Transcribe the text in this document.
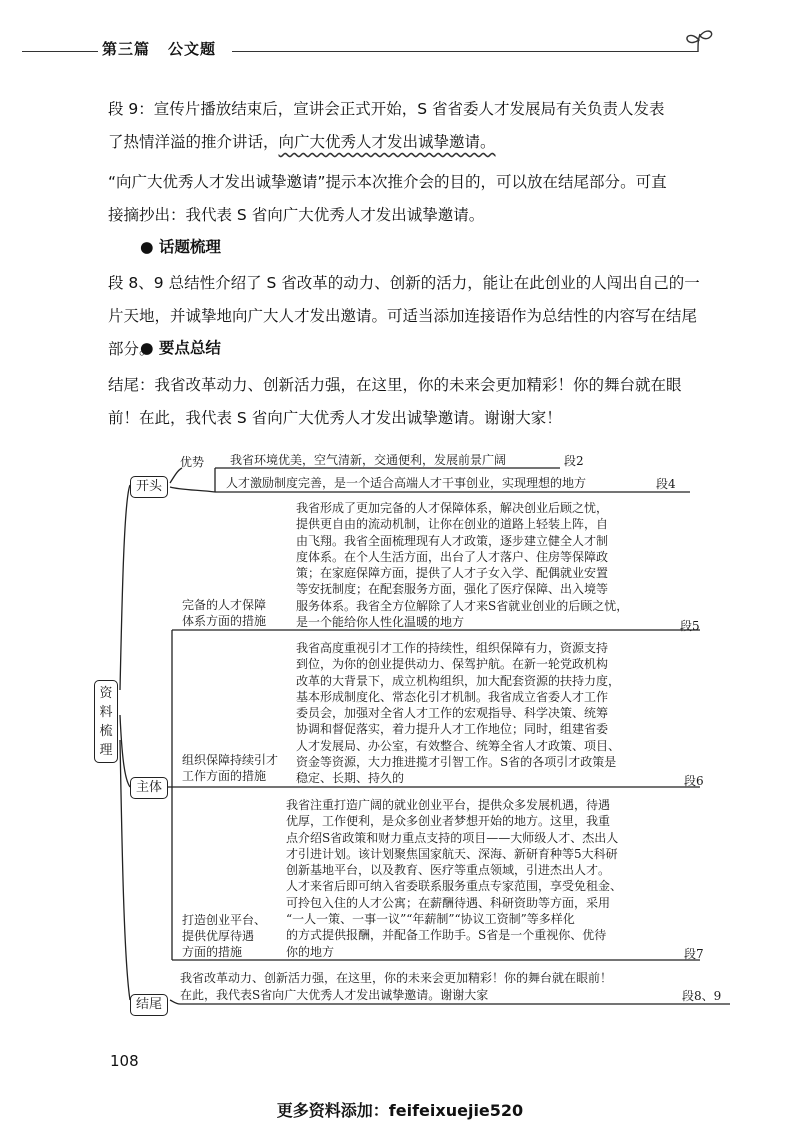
第三篇 公文题
段 9：宣传片播放结束后，宣讲会正式开始，S 省省委人才发展局有关负责人发表
了热情洋溢的推介讲话，向广大优秀人才发出诚挚邀请。
“向广大优秀人才发出诚挚邀请”提示本次推介会的目的，可以放在结尾部分。可直
接摘抄出：我代表 S 省向广大优秀人才发出诚挚邀请。
● 话题梳理
段 8、9 总结性介绍了 S 省改革的动力、创新的活力，能让在此创业的人闯出自己的一
片天地，并诚挚地向广大人才发出邀请。可适当添加连接语作为总结性的内容写在结尾部分。
● 要点总结
结尾：我省改革动力、创新活力强，在这里，你的未来会更加精彩！你的舞台就在眼
前！在此，我代表 S 省向广大优秀人才发出诚挚邀请。谢谢大家！
资
料
梳
理
开头
优势 我省环境优美，空气清新，交通便利，发展前景广阔	段2
人才激励制度完善，是一个适合高端人才干事创业，实现理想的地方	段4
主体
完备的人才保障
体系方面的措施
我省形成了更加完备的人才保障体系，解决创业后顾之忧，
提供更自由的流动机制，让你在创业的道路上轻装上阵，自
由飞翔。我省全面梳理现有人才政策，逐步建立健全人才制
度体系。在个人生活方面，出台了人才落户、住房等保障政
策；在家庭保障方面，提供了人才子女入学、配偶就业安置
等安抚制度；在配套服务方面，强化了医疗保障、出入境等
服务体系。我省全方位解除了人才来S省就业创业的后顾之忧，
是一个能给你人性化温暖的地方	段5
组织保障持续引才
工作方面的措施
我省高度重视引才工作的持续性，组织保障有力，资源支持
到位，为你的创业提供动力、保驾护航。在新一轮党政机构
改革的大背景下，成立机构组织，加大配套资源的扶持力度，
基本形成制度化、常态化引才机制。我省成立省委人才工作
委员会，加强对全省人才工作的宏观指导、科学决策、统筹
协调和督促落实，着力提升人才工作地位；同时，组建省委
人才发展局、办公室，有效整合、统筹全省人才政策、项目、
资金等资源，大力推进揽才引智工作。S省的各项引才政策是
稳定、长期、持久的	段6
打造创业平台、
提供优厚待遇
方面的措施
我省注重打造广阔的就业创业平台，提供众多发展机遇，待遇
优厚，工作便利，是众多创业者梦想开始的地方。这里，我重
点介绍S省政策和财力重点支持的项目——大师级人才、杰出人
才引进计划。该计划聚焦国家航天、深海、新研育种等5大科研
创新基地平台，以及教育、医疗等重点领域，引进杰出人才。
人才来省后即可纳入省委联系服务重点专家范围，享受免租金、
可拎包入住的人才公寓；在薪酬待遇、科研资助等方面，采用
“一人一策、一事一议”“年薪制”“协议工资制”等多样化
的方式提供报酬，并配备工作助手。S省是一个重视你、优待
你的地方	段7
结尾
我省改革动力、创新活力强，在这里，你的未来会更加精彩！你的舞台就在眼前！
在此，我代表S省向广大优秀人才发出诚挚邀请。谢谢大家	段8、9
108
更多资料添加：feifeixuejie520
